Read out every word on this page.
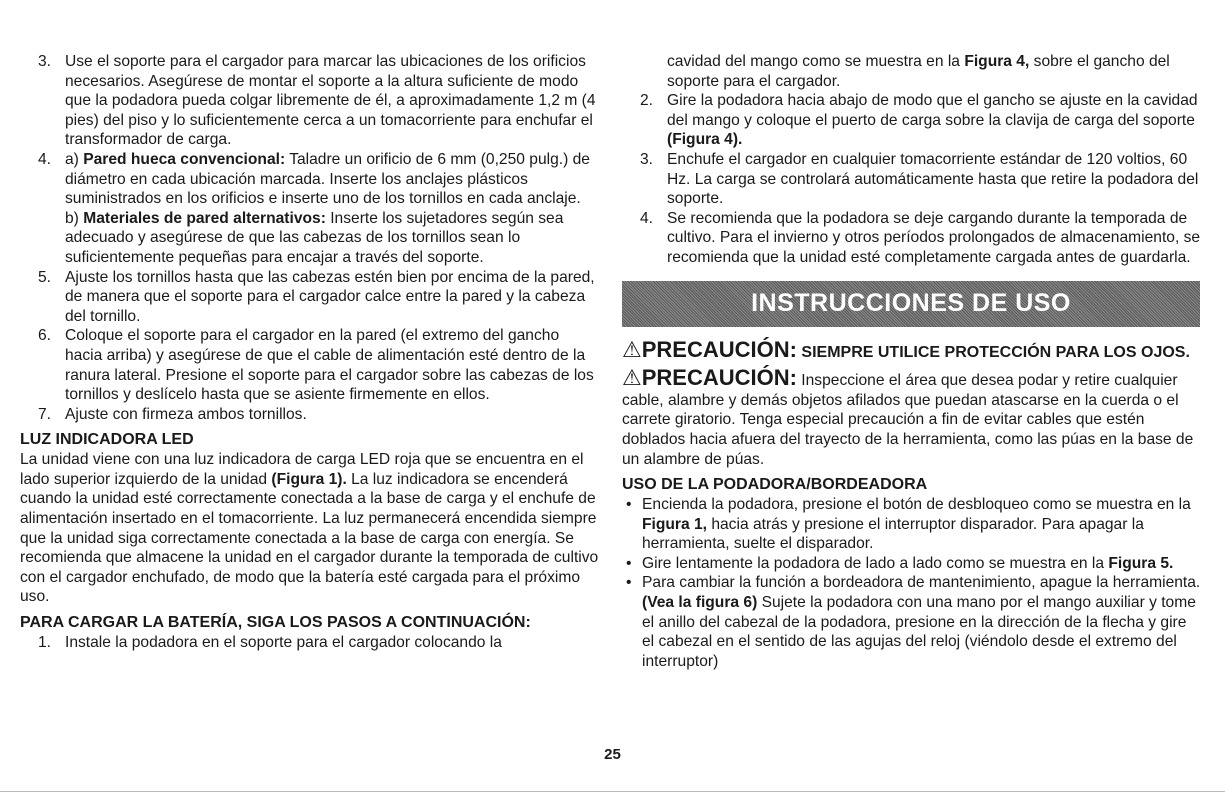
3. Use el soporte para el cargador para marcar las ubicaciones de los orificios necesarios. Asegúrese de montar el soporte a la altura suficiente de modo que la podadora pueda colgar libremente de él, a aproximadamente 1,2 m (4 pies) del piso y lo suficientemente cerca a un tomacorriente para enchufar el transformador de carga.

4. a) Pared hueca convencional: Taladre un orificio de 6 mm (0,250 pulg.) de diámetro en cada ubicación marcada. Inserte los anclajes plásticos suministrados en los orificios e inserte uno de los tornillos en cada anclaje.

b) Materiales de pared alternativos: Inserte los sujetadores según sea adecuado y asegúrese de que las cabezas de los tornillos sean lo suficientemente pequeñas para encajar a través del soporte.

5. Ajuste los tornillos hasta que las cabezas estén bien por encima de la pared, de manera que el soporte para el cargador calce entre la pared y la cabeza del tornillo.

6. Coloque el soporte para el cargador en la pared (el extremo del gancho hacia arriba) y asegúrese de que el cable de alimentación esté dentro de la ranura lateral. Presione el soporte para el cargador sobre las cabezas de los tornillos y deslícelo hasta que se asiente firmemente en ellos.

7. Ajuste con firmeza ambos tornillos.

LUZ INDICADORA LED

La unidad viene con una luz indicadora de carga LED roja que se encuentra en el lado superior izquierdo de la unidad (Figura 1). La luz indicadora se encenderá cuando la unidad esté correctamente conectada a la base de carga y el enchufe de alimentación insertado en el tomacorriente. La luz permanecerá encendida siempre que la unidad siga correctamente conectada a la base de carga con energía. Se recomienda que almacene la unidad en el cargador durante la temporada de cultivo con el cargador enchufado, de modo que la batería esté cargada para el próximo uso.

PARA CARGAR LA BATERÍA, SIGA LOS PASOS A CONTINUACIÓN:

1. Instale la podadora en el soporte para el cargador colocando la

cavidad del mango como se muestra en la Figura 4, sobre el gancho del soporte para el cargador.

2. Gire la podadora hacia abajo de modo que el gancho se ajuste en la cavidad del mango y coloque el puerto de carga sobre la clavija de carga del soporte (Figura 4).

3. Enchufe el cargador en cualquier tomacorriente estándar de 120 voltios, 60 Hz. La carga se controlará automáticamente hasta que retire la podadora del soporte.

4. Se recomienda que la podadora se deje cargando durante la temporada de cultivo. Para el invierno y otros períodos prolongados de almacenamiento, se recomienda que la unidad esté completamente cargada antes de guardarla.

INSTRUCCIONES DE USO

⚠PRECAUCIÓN: SIEMPRE UTILICE PROTECCIÓN PARA LOS OJOS.

⚠PRECAUCIÓN: Inspeccione el área que desea podar y retire cualquier cable, alambre y demás objetos afilados que puedan atascarse en la cuerda o el carrete giratorio. Tenga especial precaución a fin de evitar cables que estén doblados hacia afuera del trayecto de la herramienta, como las púas en la base de un alambre de púas.

USO DE LA PODADORA/BORDEADORA

• Encienda la podadora, presione el botón de desbloqueo como se muestra en la Figura 1, hacia atrás y presione el interruptor disparador. Para apagar la herramienta, suelte el disparador.

• Gire lentamente la podadora de lado a lado como se muestra en la Figura 5.

• Para cambiar la función a bordeadora de mantenimiento, apague la herramienta. (Vea la figura 6) Sujete la podadora con una mano por el mango auxiliar y tome el anillo del cabezal de la podadora, presione en la dirección de la flecha y gire el cabezal en el sentido de las agujas del reloj (viéndolo desde el extremo del interruptor)

25
